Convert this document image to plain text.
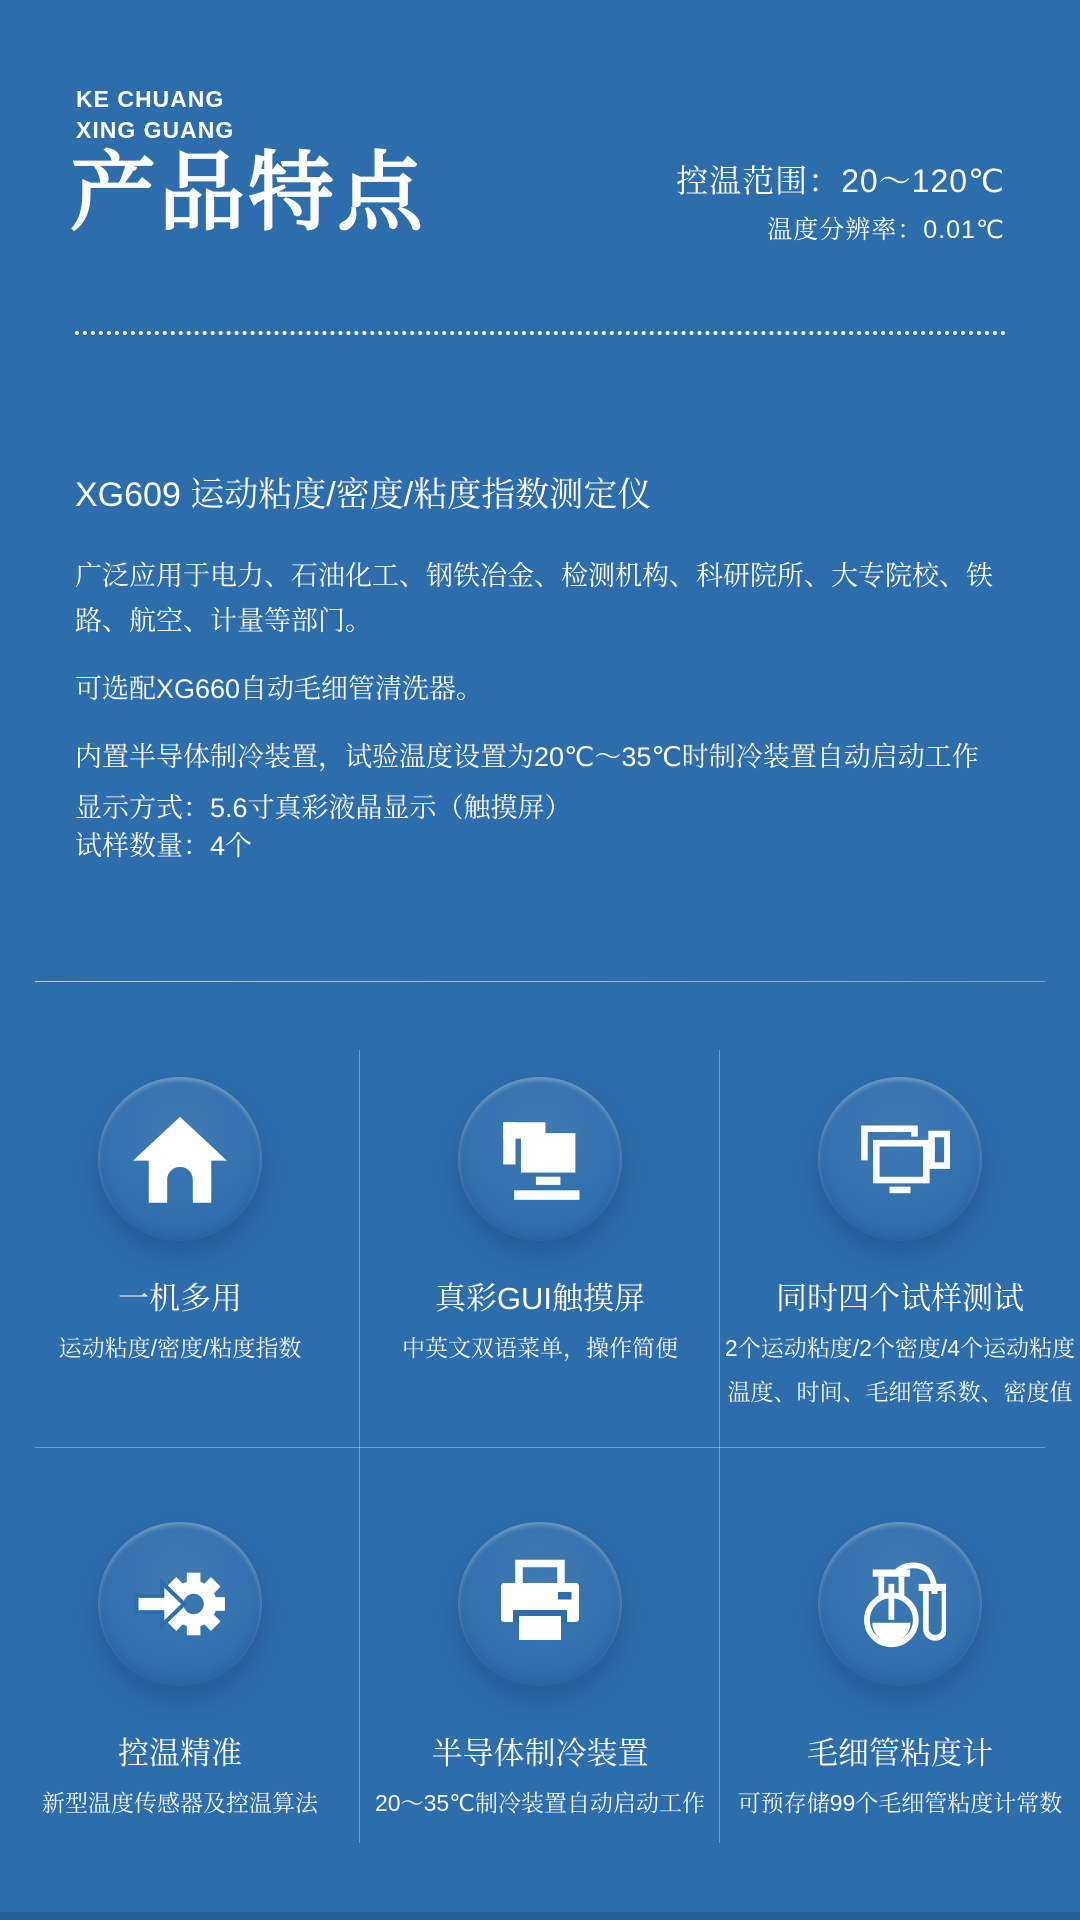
KE CHUANG
XING GUANG
产品特点	控温范围：20～120℃
温度分辨率：0.01℃
XG609 运动粘度/密度/粘度指数测定仪
广泛应用于电力、石油化工、钢铁冶金、检测机构、科研院所、大专院校、铁路、航空、计量等部门。
可选配XG660自动毛细管清洗器。
内置半导体制冷装置，试验温度设置为20℃～35℃时制冷装置自动启动工作
显示方式：5.6寸真彩液晶显示（触摸屏）
试样数量：4个
一机多用
运动粘度/密度/粘度指数
真彩GUI触摸屏
中英文双语菜单，操作简便
同时四个试样测试
2个运动粘度/2个密度/4个运动粘度
温度、时间、毛细管系数、密度值
控温精准
新型温度传感器及控温算法
半导体制冷装置
20～35℃制冷装置自动启动工作
毛细管粘度计
可预存储99个毛细管粘度计常数
